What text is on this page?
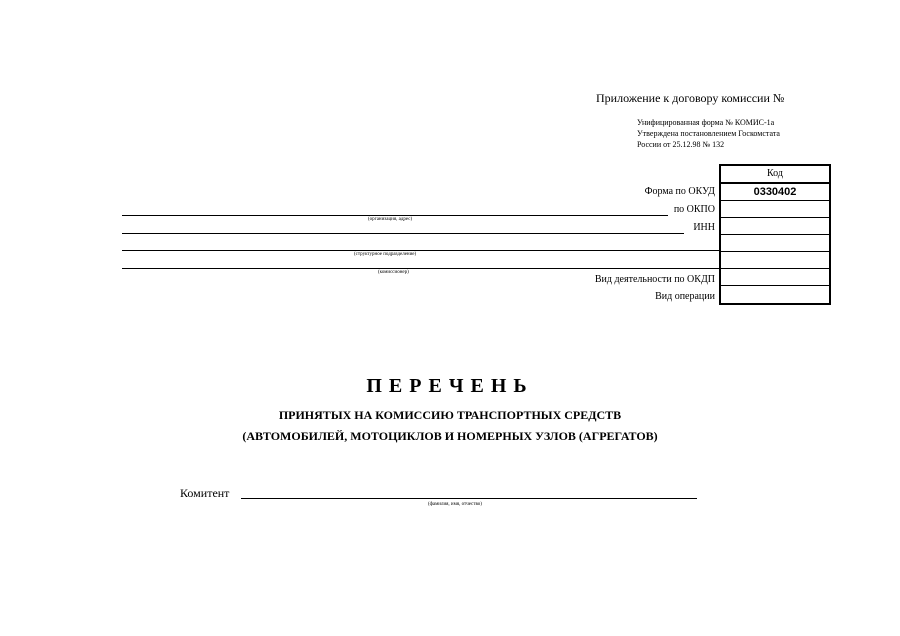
Приложение к договору комиссии №
Унифицированная форма № КОМИС-1а
Утверждена постановлением Госкомстата
России от 25.12.98 № 132
Код
0330402
Форма по ОКУД
по ОКПО
ИНН
Вид деятельности по ОКДП
Вид операции
(организация, адрес)
(структурное подразделение)
(комиссионер)
ПЕРЕЧЕНЬ
ПРИНЯТЫХ НА КОМИССИЮ ТРАНСПОРТНЫХ СРЕДСТВ
(АВТОМОБИЛЕЙ, МОТОЦИКЛОВ И НОМЕРНЫХ УЗЛОВ (АГРЕГАТОВ)
Комитент
(фамилия, имя, отчество)
